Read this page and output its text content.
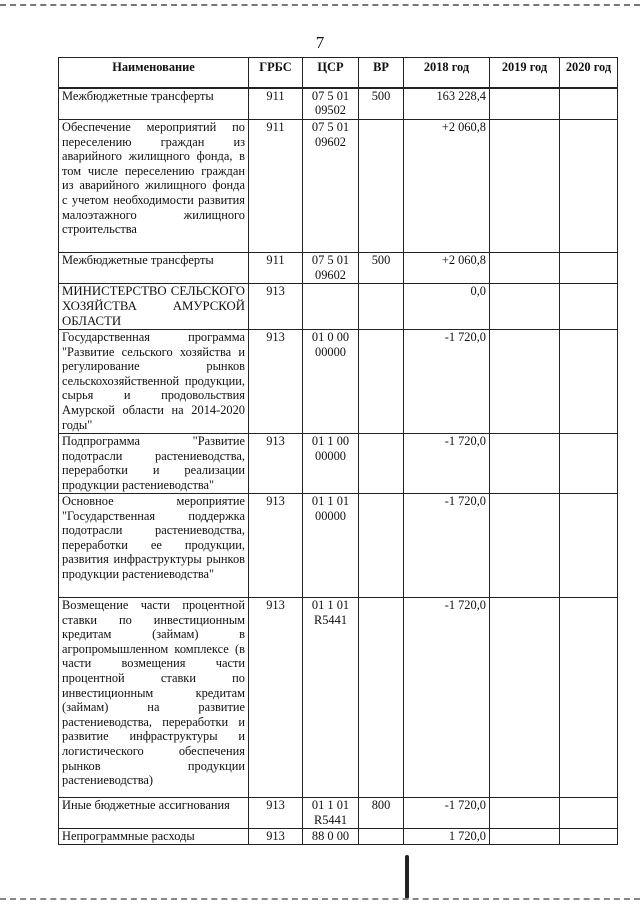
7
Наименование	ГРБС	ЦСР	ВР	2018 год	2019 год	2020 год
Межбюджетные трансферты	911	07 5 01 09502	500	163 228,4		
Обеспечение мероприятий по переселению граждан из аварийного жилищного фонда, в том числе переселению граждан из аварийного жилищного фонда с учетом необходимости развития малоэтажного жилищного строительства	911	07 5 01 09602		+2 060,8		
Межбюджетные трансферты	911	07 5 01 09602	500	+2 060,8		
МИНИСТЕРСТВО СЕЛЬСКОГО ХОЗЯЙСТВА АМУРСКОЙ ОБЛАСТИ	913			0,0		
Государственная программа "Развитие сельского хозяйства и регулирование рынков сельскохозяйственной продукции, сырья и продовольствия Амурской области на 2014-2020 годы"	913	01 0 00 00000		-1 720,0		
Подпрограмма "Развитие подотрасли растениеводства, переработки и реализации продукции растениеводства"	913	01 1 00 00000		-1 720,0		
Основное мероприятие "Государственная поддержка подотрасли растениеводства, переработки ее продукции, развития инфраструктуры рынков продукции растениеводства"	913	01 1 01 00000		-1 720,0		
Возмещение части процентной ставки по инвестиционным кредитам (займам) в агропромышленном комплексе (в части возмещения части процентной ставки по инвестиционным кредитам (займам) на развитие растениеводства, переработки и развитие инфраструктуры и логистического обеспечения рынков продукции растениеводства)	913	01 1 01 R5441		-1 720,0		
Иные бюджетные ассигнования	913	01 1 01 R5441	800	-1 720,0		
Непрограммные расходы	913	88 0 00		1 720,0		
